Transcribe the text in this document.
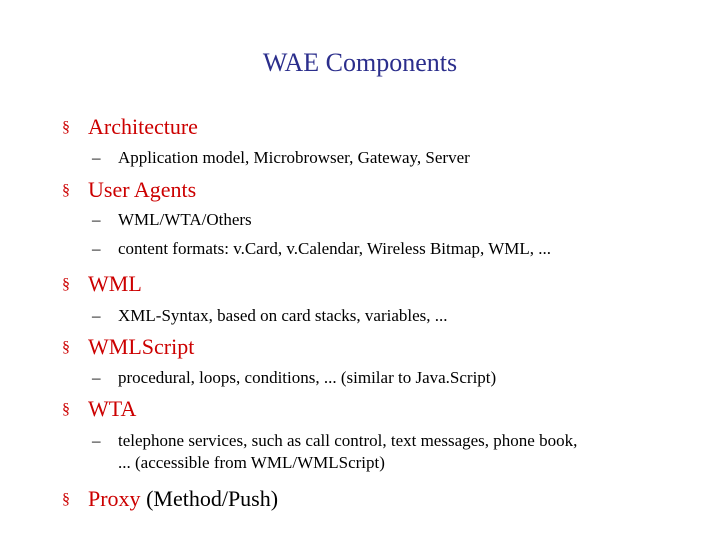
WAE Components
§ Architecture
– Application model, Microbrowser, Gateway, Server
§ User Agents
– WML/WTA/Others
– content formats: v.Card, v.Calendar, Wireless Bitmap, WML, ...
§ WML
– XML-Syntax, based on card stacks, variables, ...
§ WMLScript
– procedural, loops, conditions, ... (similar to Java.Script)
§ WTA
– telephone services, such as call control, text messages, phone book,
... (accessible from WML/WMLScript)
§ Proxy (Method/Push)
